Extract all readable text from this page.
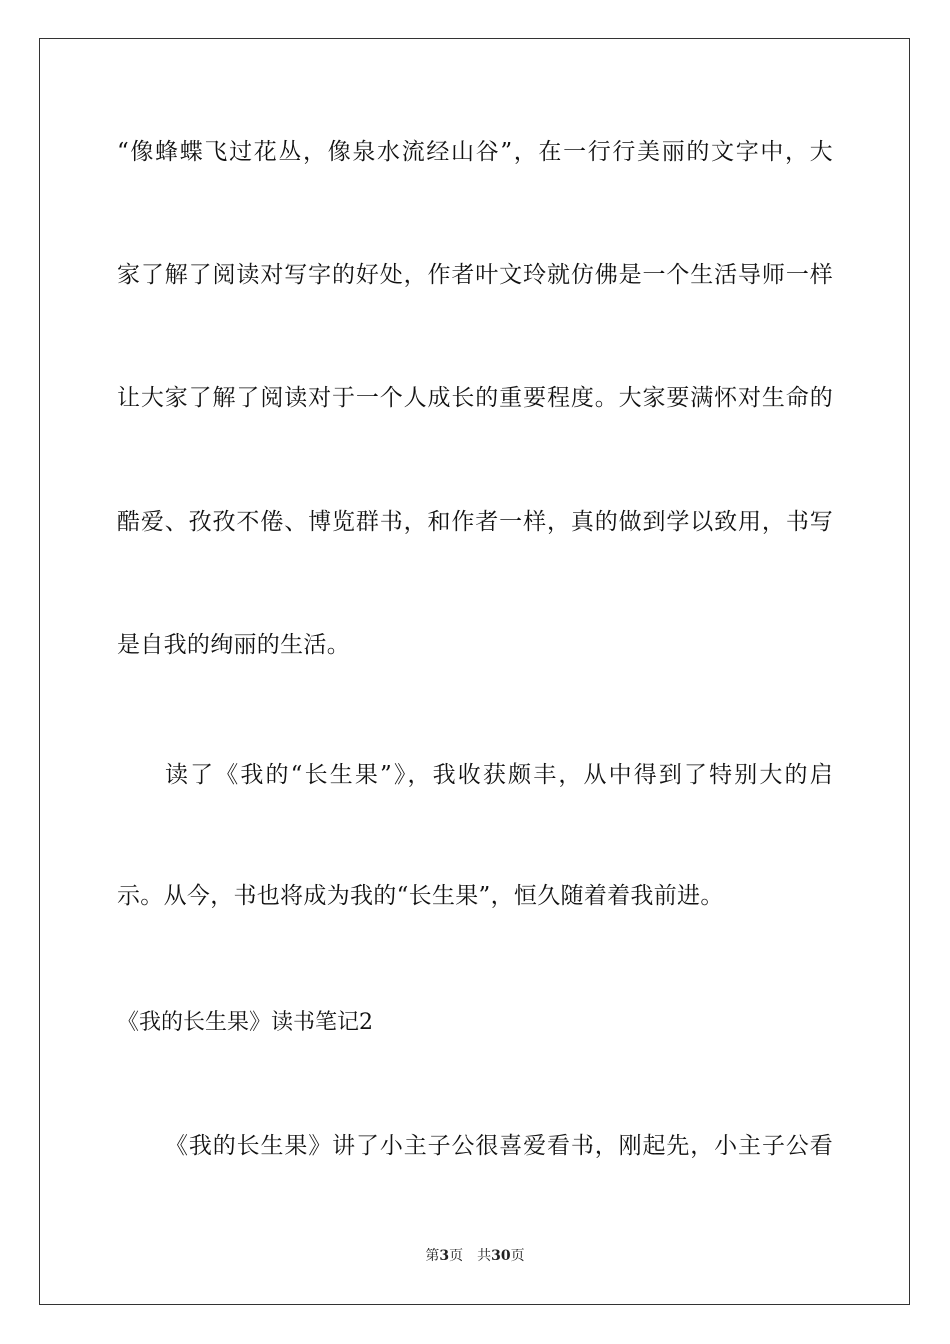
“像蜂蝶飞过花丛，像泉水流经山谷”，在一行行美丽的文字中，大
家了解了阅读对写字的好处，作者叶文玲就仿佛是一个生活导师一样
让大家了解了阅读对于一个人成长的重要程度。大家要满怀对生命的
酷爱、孜孜不倦、博览群书，和作者一样，真的做到学以致用，书写
是自我的绚丽的生活。
读了《我的“长生果”》，我收获颇丰，从中得到了特别大的启
示。从今，书也将成为我的“长生果”，恒久随着着我前进。
《我的长生果》读书笔记2
《我的长生果》讲了小主子公很喜爱看书，刚起先，小主子公看
第3页 共30页
